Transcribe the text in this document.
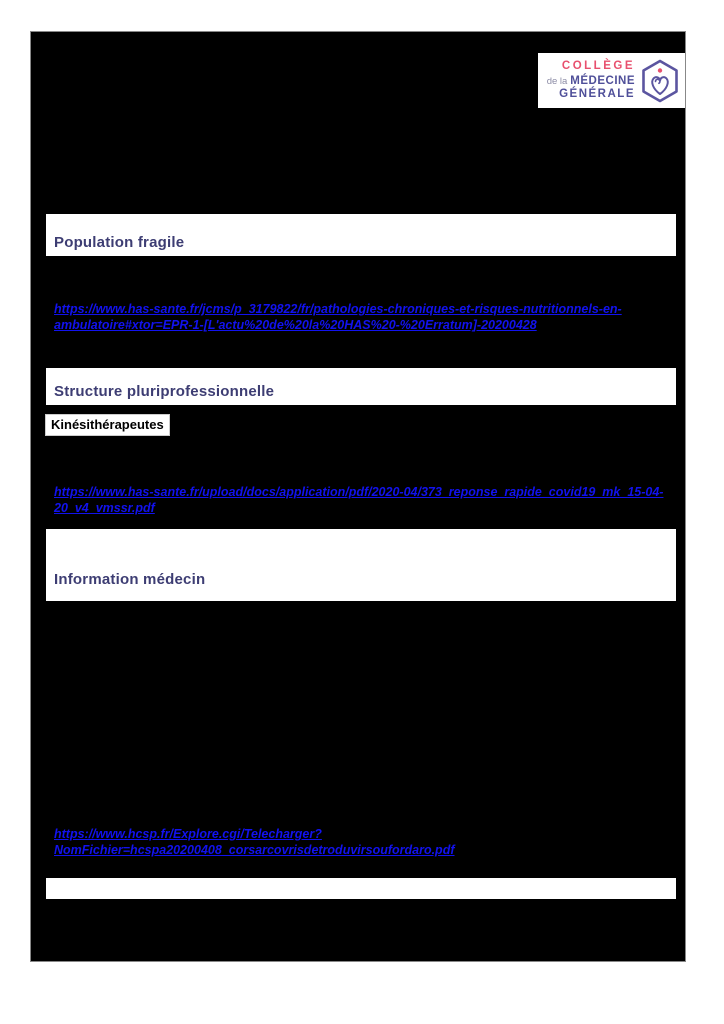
COLLÈGE
de la MÉDECINE
GÉNÉRALE
Population fragile
https://www.has-sante.fr/jcms/p_3179822/fr/pathologies-chroniques-et-risques-nutritionnels-en-
ambulatoire#xtor=EPR-1-[L'actu%20de%20la%20HAS%20-%20Erratum]-20200428
Structure pluriprofessionnelle
Kinésithérapeutes
https://www.has-sante.fr/upload/docs/application/pdf/2020-04/373_reponse_rapide_covid19_mk_15-04-
20_v4_vmssr.pdf
Information médecin
https://www.hcsp.fr/Explore.cgi/Telecharger?NomFichier=hcspa20200408_corsarcovrisdetroduvirsoufordaro.pdf
